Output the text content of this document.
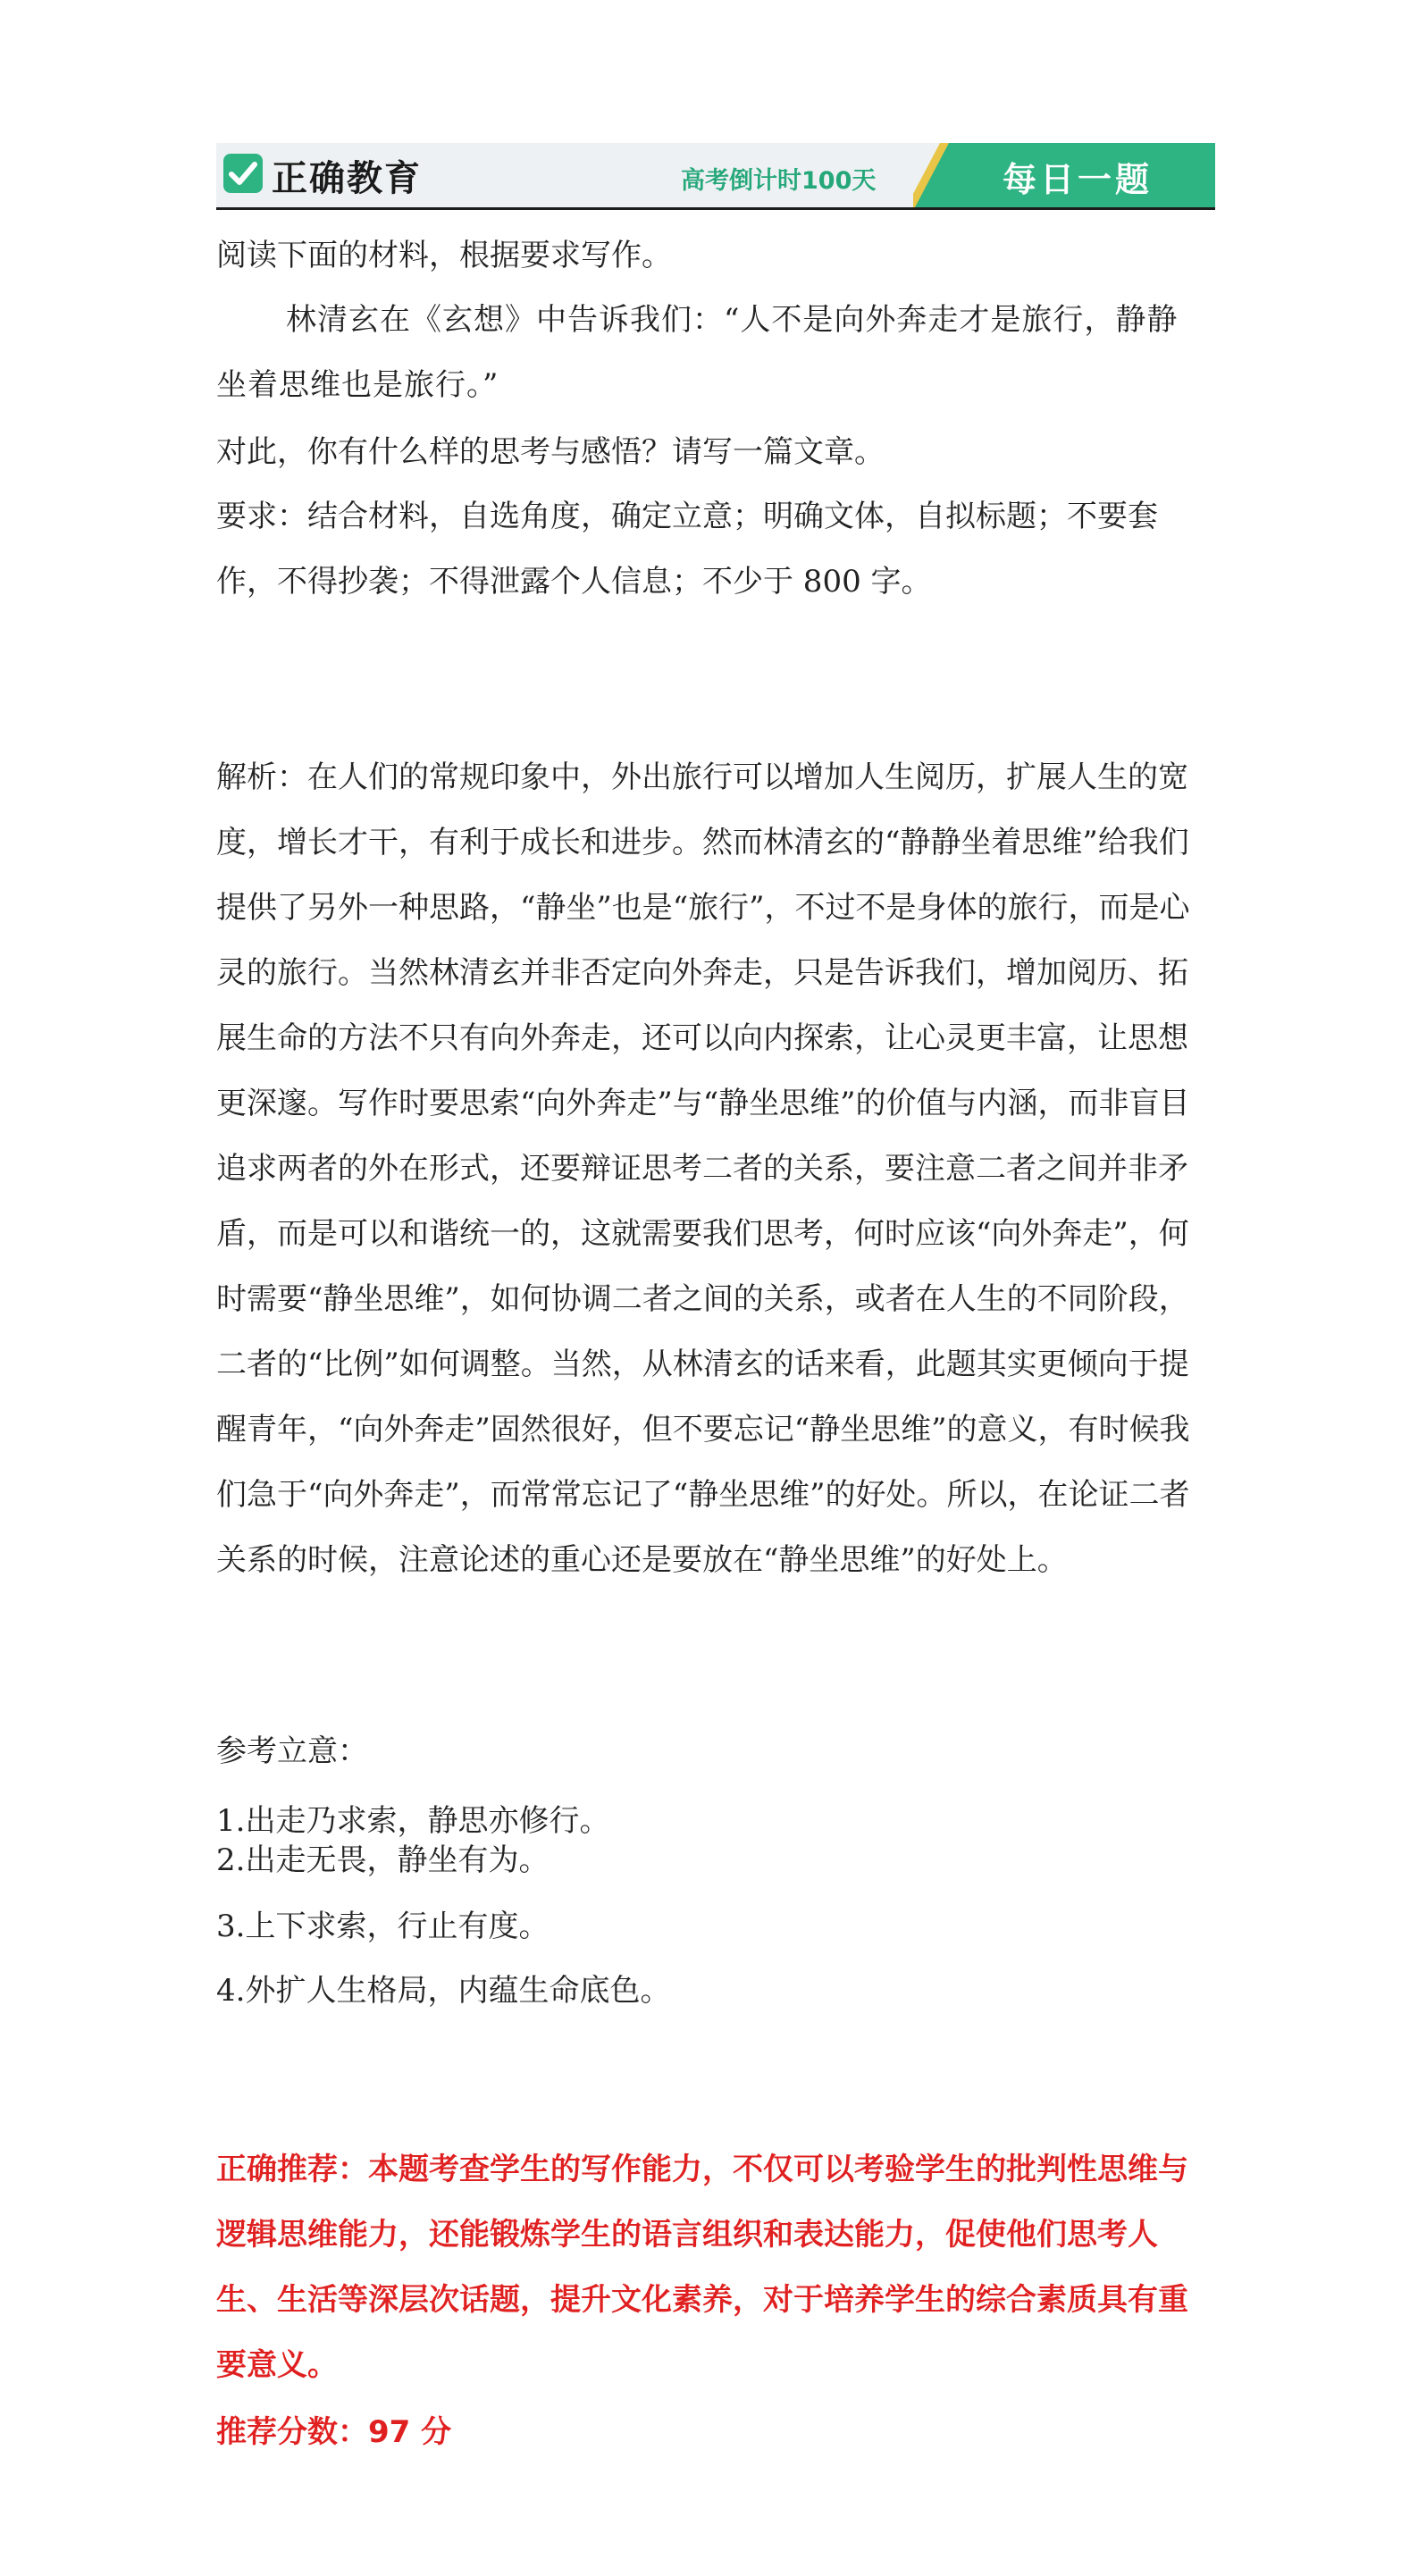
正确教育	高考倒计时100天	每日一题

阅读下面的材料，根据要求写作。

林清玄在《玄想》中告诉我们：“人不是向外奔走才是旅行，静静坐着思维也是旅行。”

对此，你有什么样的思考与感悟？请写一篇文章。

要求：结合材料，自选角度，确定立意；明确文体，自拟标题；不要套作，不得抄袭；不得泄露个人信息；不少于 800 字。

解析：在人们的常规印象中，外出旅行可以增加人生阅历，扩展人生的宽度，增长才干，有利于成长和进步。然而林清玄的“静静坐着思维”给我们提供了另外一种思路，“静坐”也是“旅行”，不过不是身体的旅行，而是心灵的旅行。当然林清玄并非否定向外奔走，只是告诉我们，增加阅历、拓展生命的方法不只有向外奔走，还可以向内探索，让心灵更丰富，让思想更深邃。写作时要思索“向外奔走”与“静坐思维”的价值与内涵，而非盲目追求两者的外在形式，还要辩证思考二者的关系，要注意二者之间并非矛盾，而是可以和谐统一的，这就需要我们思考，何时应该“向外奔走”，何时需要“静坐思维”，如何协调二者之间的关系，或者在人生的不同阶段，二者的“比例”如何调整。当然，从林清玄的话来看，此题其实更倾向于提醒青年，“向外奔走”固然很好，但不要忘记“静坐思维”的意义，有时候我们急于“向外奔走”，而常常忘记了“静坐思维”的好处。所以，在论证二者关系的时候，注意论述的重心还是要放在“静坐思维”的好处上。

参考立意：

1.出走乃求索，静思亦修行。

2.出走无畏，静坐有为。

3.上下求索，行止有度。

4.外扩人生格局，内蕴生命底色。

正确推荐：本题考查学生的写作能力，不仅可以考验学生的批判性思维与逻辑思维能力，还能锻炼学生的语言组织和表达能力，促使他们思考人生、生活等深层次话题，提升文化素养，对于培养学生的综合素质具有重要意义。

推荐分数：97 分
